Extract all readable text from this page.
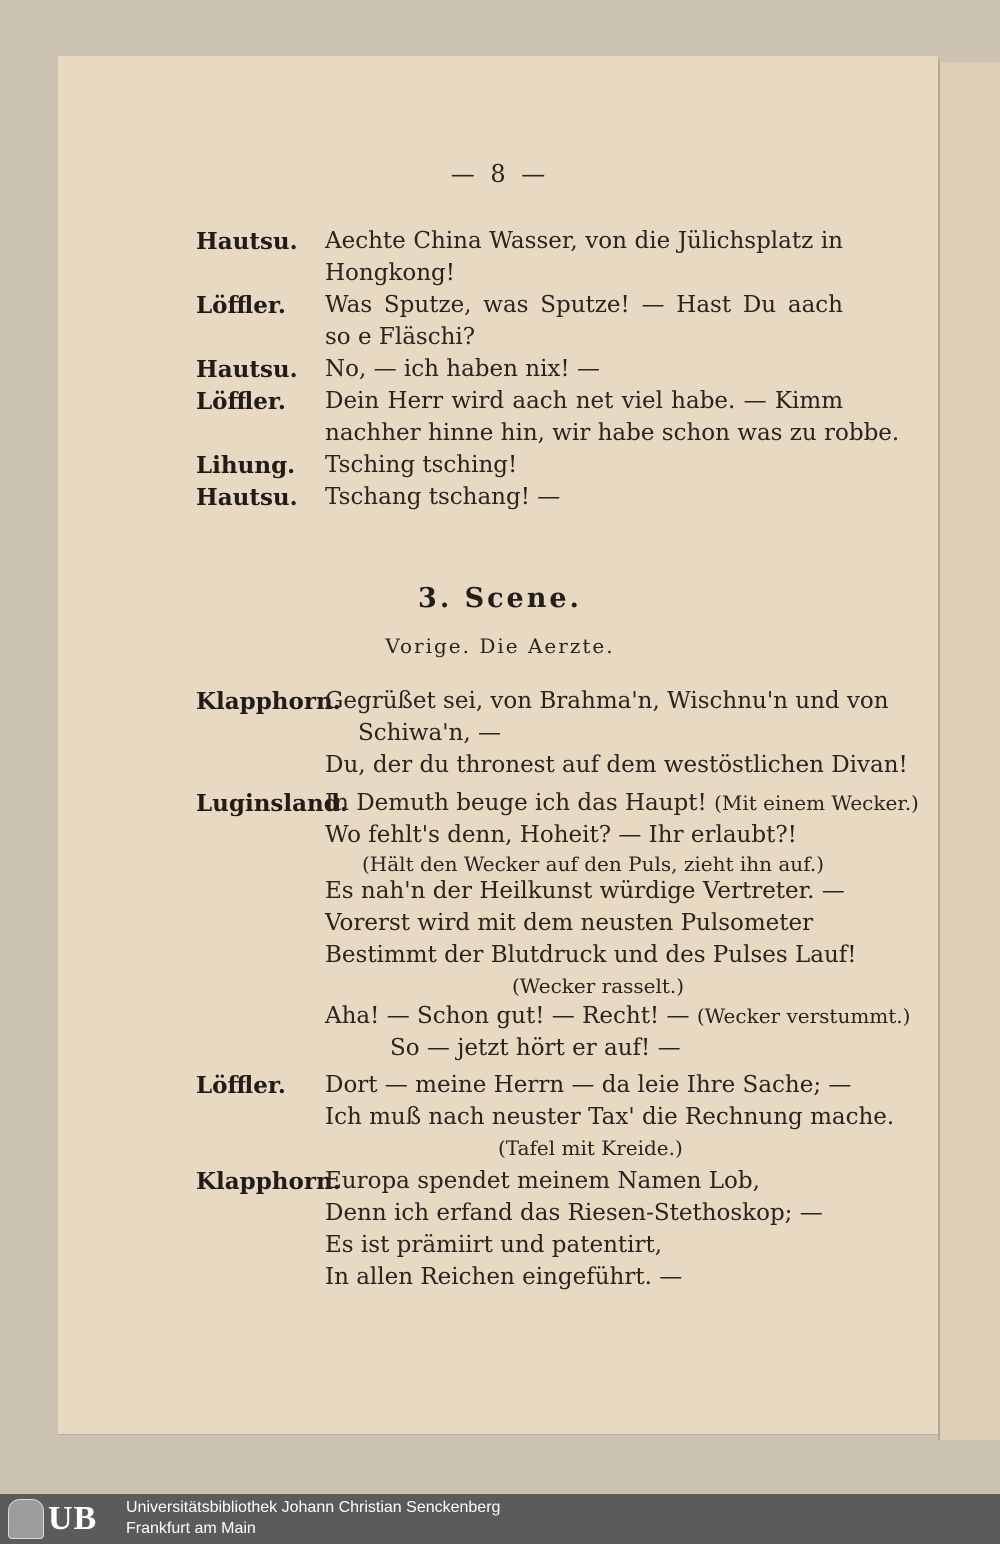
— 8 —
Hautsu. Aechte China Wasser, von die Jülichsplatz in
Hongkong!
Löffler. Was Sputze, was Sputze! — Hast Du aach
so e Fläschi?
Hautsu. No, — ich haben nix! —
Löffler. Dein Herr wird aach net viel habe. — Kimm
nachher hinne hin, wir habe schon was zu robbe.
Lihung. Tsching tsching!
Hautsu. Tschang tschang! —
3. Scene.
Vorige. Die Aerzte.
Klapphorn.
Gegrüßet sei, von Brahma'n, Wischnu'n und von
Schiwa'n, —
Du, der du thronest auf dem westöstlichen Divan!
Luginsland.
In Demuth beuge ich das Haupt! (Mit einem Wecker.)
Wo fehlt's denn, Hoheit? — Ihr erlaubt?!
(Hält den Wecker auf den Puls, zieht ihn auf.)
Es nah'n der Heilkunst würdige Vertreter. —
Vorerst wird mit dem neusten Pulsometer
Bestimmt der Blutdruck und des Pulses Lauf!
(Wecker rasselt.)
Aha! — Schon gut! — Recht! — (Wecker verstummt.)
So — jetzt hört er auf! —
Löffler. Dort — meine Herrn — da leie Ihre Sache; —
Ich muß nach neuster Tax' die Rechnung mache.
(Tafel mit Kreide.)
Klapphorn.
Europa spendet meinem Namen Lob,
Denn ich erfand das Riesen-Stethoskop; —
Es ist prämiirt und patentirt,
In allen Reichen eingeführt. —
UB Universitätsbibliothek Johann Christian Senckenberg
Frankfurt am Main
